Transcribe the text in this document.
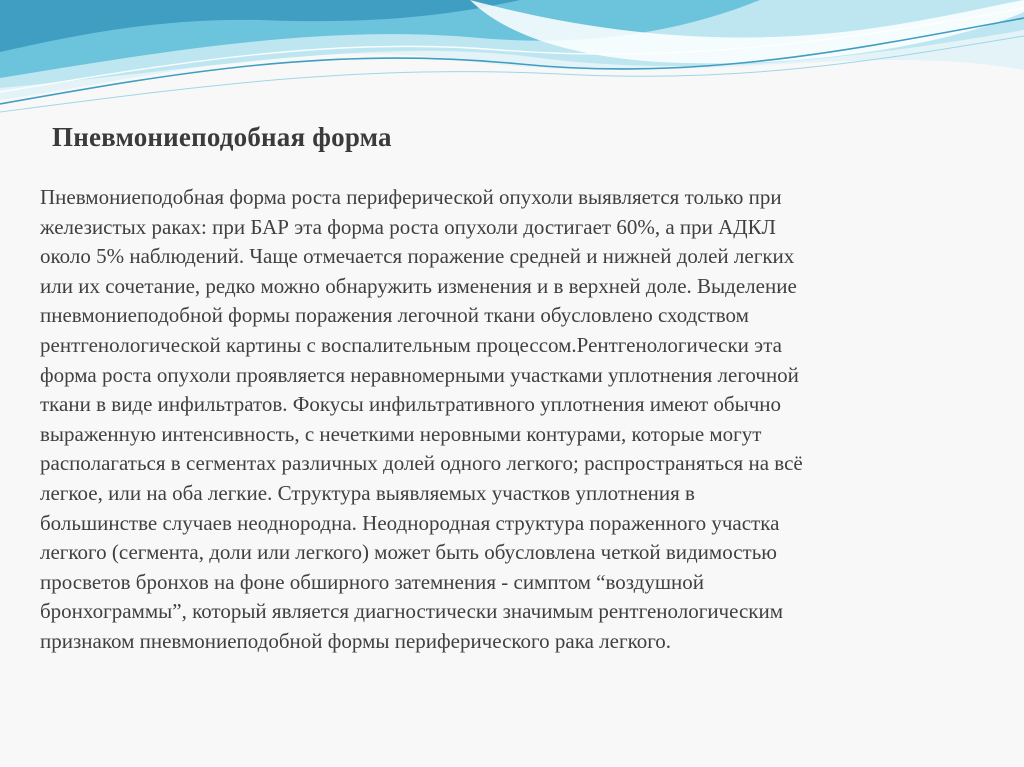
Пневмониеподобная форма

Пневмониеподобная форма роста периферической опухоли выявляется только при
железистых раках: при БАР эта форма роста опухоли достигает 60%, а при АДКЛ
около 5% наблюдений. Чаще отмечается поражение средней и нижней долей легких
или их сочетание, редко можно обнаружить изменения и в верхней доле. Выделение
пневмониеподобной формы поражения легочной ткани обусловлено сходством
рентгенологической картины с воспалительным процессом.Рентгенологически эта
форма роста опухоли проявляется неравномерными участками уплотнения легочной
ткани в виде инфильтратов. Фокусы инфильтративного уплотнения имеют обычно
выраженную интенсивность, с нечеткими неровными контурами, которые могут
располагаться в сегментах различных долей одного легкого; распространяться на всё
легкое, или на оба легкие. Структура выявляемых участков уплотнения в
большинстве случаев неоднородна. Неоднородная структура пораженного участка
легкого (сегмента, доли или легкого) может быть обусловлена четкой видимостью
просветов бронхов на фоне обширного затемнения - симптом “воздушной
бронхограммы”, который является диагностически значимым рентгенологическим
признаком пневмониеподобной формы периферического рака легкого.
